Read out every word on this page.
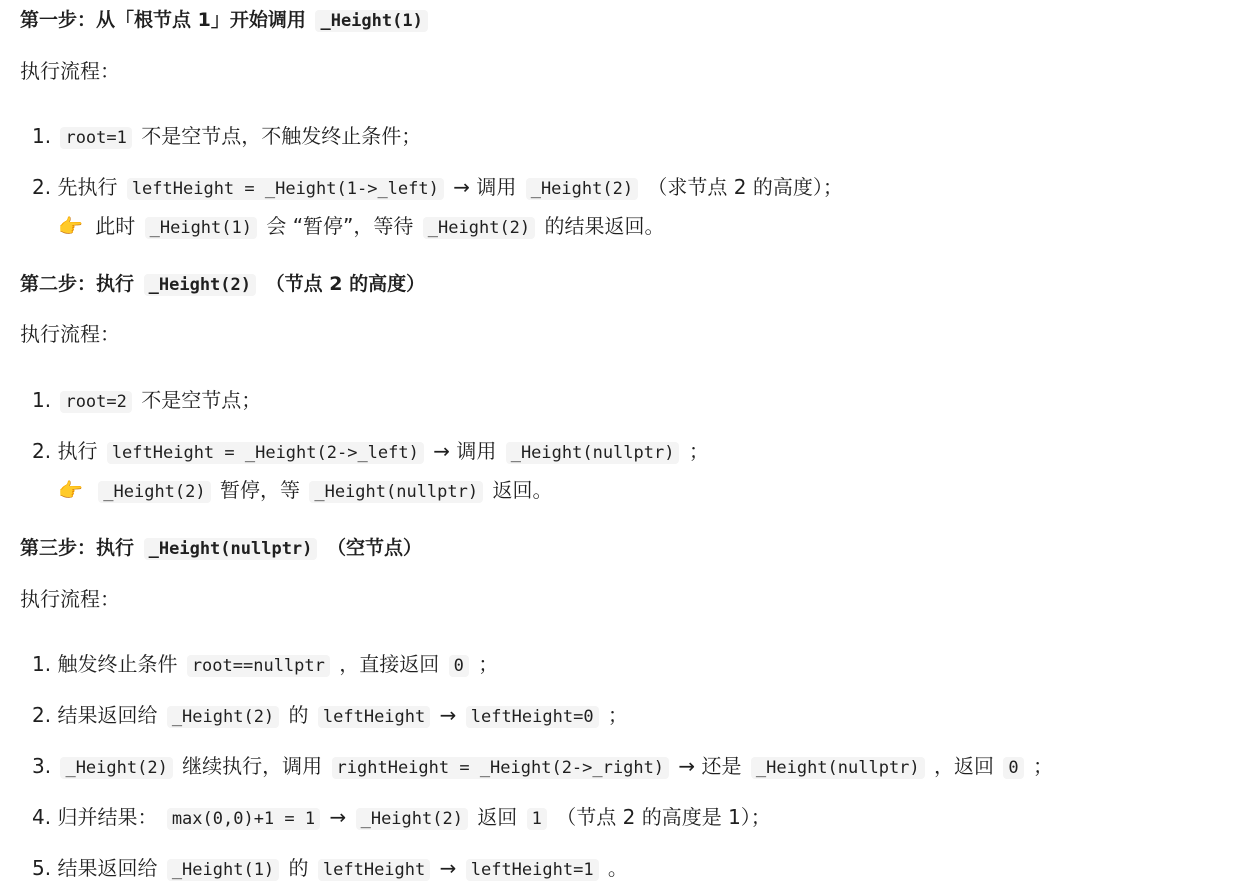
第一步：从「根节点 1」开始调用 _Height(1)
执行流程：
1. root=1 不是空节点，不触发终止条件；
2. 先执行 leftHeight = _Height(1->_left) → 调用 _Height(2) （求节点 2 的高度）；
👉 此时 _Height(1) 会 “暂停”，等待 _Height(2) 的结果返回。
第二步：执行 _Height(2) （节点 2 的高度）
执行流程：
1. root=2 不是空节点；
2. 执行 leftHeight = _Height(2->_left) → 调用 _Height(nullptr) ；
👉 _Height(2) 暂停，等 _Height(nullptr) 返回。
第三步：执行 _Height(nullptr) （空节点）
执行流程：
1. 触发终止条件 root==nullptr ，直接返回 0 ；
2. 结果返回给 _Height(2) 的 leftHeight → leftHeight=0 ；
3. _Height(2) 继续执行，调用 rightHeight = _Height(2->_right) → 还是 _Height(nullptr) ，返回 0 ；
4. 归并结果： max(0,0)+1 = 1 → _Height(2) 返回 1 （节点 2 的高度是 1）；
5. 结果返回给 _Height(1) 的 leftHeight → leftHeight=1 。
